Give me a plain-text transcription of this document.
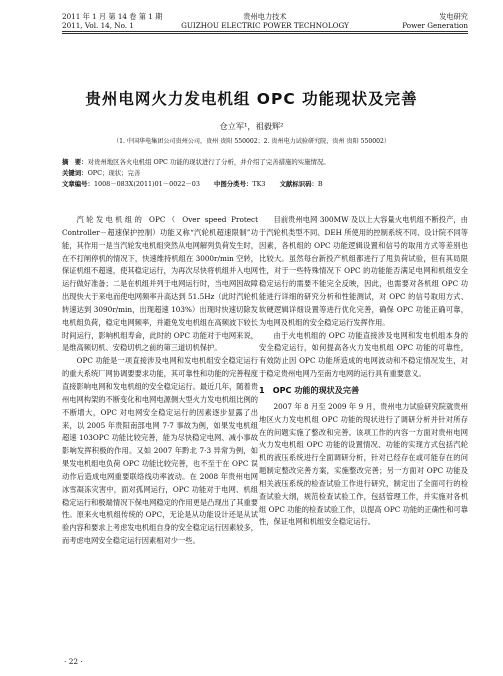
2011 年 1 月 第 14 卷 第 1 期	发电研究
2011, Vol. 14, No. 1	Power Generation
贵州电力技术
GUIZHOU ELECTRIC POWER TECHNOLOGY
贵州电网火力发电机组 OPC 功能现状及完善
仓立军¹，祖毅辉²
（1. 中国华电集团公司贵州公司，贵州 贵阳 550002；2. 贵州电力试验研究院，贵州 贵阳 550002）
摘　要：对贵州地区各火电机组 OPC 功能的现状进行了分析，并介绍了完善措施的实施情况。
关键词：OPC；现状；完善
文章编号：1008－083X(2011)01－0022－03 中图分类号：TK3 文献标识码：B

汽轮发电机组的 OPC（ Over speed Protect Controller－超速保护控制）功能又称“汽轮机超速限制”功能，其作用一是当汽轮发电机组突然从电网解列负荷发生时，在不打闸停机的情况下，快速维持机组在 3000r/min 空转，保证机组不超速，使其稳定运行，为再次尽快将机组并入电网运行做好准备；二是在机组并列于电网运行时，当电网因故障出现快大于来电而使电网频率升高达到 51.5Hz（此时汽轮机转速达到 3090r/min，出现超速 103%）出现时快速切除发电机组负荷，稳定电网频率，并避免发电机组在高频波下较长时间运行，影响机组寿命，此时的 OPC 功能对于电网来说，是维高频切机、安稳切机之前的第三道切机保护。

OPC 功能是一项直接涉及电网和发电机组安全稳定运行的重大系统厂网协调要要求功能，其可靠性和功能的完善程度直接影响电网和发电机组的安全稳定运行。最近几年，随着贵州电网构架的不断变化和电网电源侧大型火力发电机组比例的不断增大，OPC 对电网安全稳定运行的因素逐步显露了出来，以 2005 年贵阳南部电网 7·7 事故为例，如果发电机组超速 103OPC 功能比较完善，能为尽快稳定电网、减小事故影响发挥积极的作用。又如 2007 年黔北 7·3 异常为例，如果发电机组电负荷 OPC 功能比较完善，也不至于在 OPC 误动作后造成电网重要联络线功率波动。在 2008 年贵州电网冰雪凝冻灾害中，面对孤网运行，OPC 功能对于电网、机组稳定运行和极端情况下保电网稳定的作用更是凸现出了其重要性。原来火电机组传统的 OPC，无论是从功能设计还是从试验内容和要求上考虑发电机组自身的安全稳定运行因素较多，而考虑电网安全稳定运行因素相对少一些。

目前贵州电网 300MW 及以上大容量火电机组不断投产，由于汽轮机类型不同、DEH 所使用的控制系统不同、设计院不同等因素，各机组的 OPC 功能逻辑设置和信号的取用方式等差别也比较大。虽然每台新投产机组都进行了甩负荷试验，但有其局限性，对于一些特殊情况下 OPC 的功能能否满足电网和机组安全稳定运行的需要不能完全反映，因此，也需要对各机组 OPC 功能进行详细的研究分析和性能测试，对 OPC 的信号取用方式、软硬逻辑详细设置等进行优化完善，确保 OPC 功能正确可靠，为电网及机组的安全稳定运行发挥作用。

由于火电机组的 OPC 功能直接涉及电网和发电机组本身的安全稳定运行，如何提高各火力发电机组 OPC 功能的可靠性，有效防止因 OPC 功能所造成的电网波动和不稳定情况发生，对于稳定贵州电网乃至南方电网的运行具有重要意义。

1　OPC 功能的现状及完善

2007 年 8 月至 2009 年 9 月，贵州电力试验研究院就贵州地区火力发电机组 OPC 功能的现状进行了调研分析并针对所存在的问题实施了整改和完善。该项工作的内容一方面对贵州电网火力发电机组 OPC 功能的设置情况、功能的实现方式包括汽轮机的液压系统进行全面调研分析，针对已经存在或可能存在的问题制定整改完善方案，实施整改完善；另一方面对 OPC 功能及相关液压系统的检查试验工作进行研究，制定出了全面可行的检查试验大纲，规范检查试验工作，包括管理工作，并实施对各机组 OPC 功能的检查试验工作，以提高 OPC 功能的正确性和可靠性，保证电网和机组安全稳定运行。

· 22 ·
